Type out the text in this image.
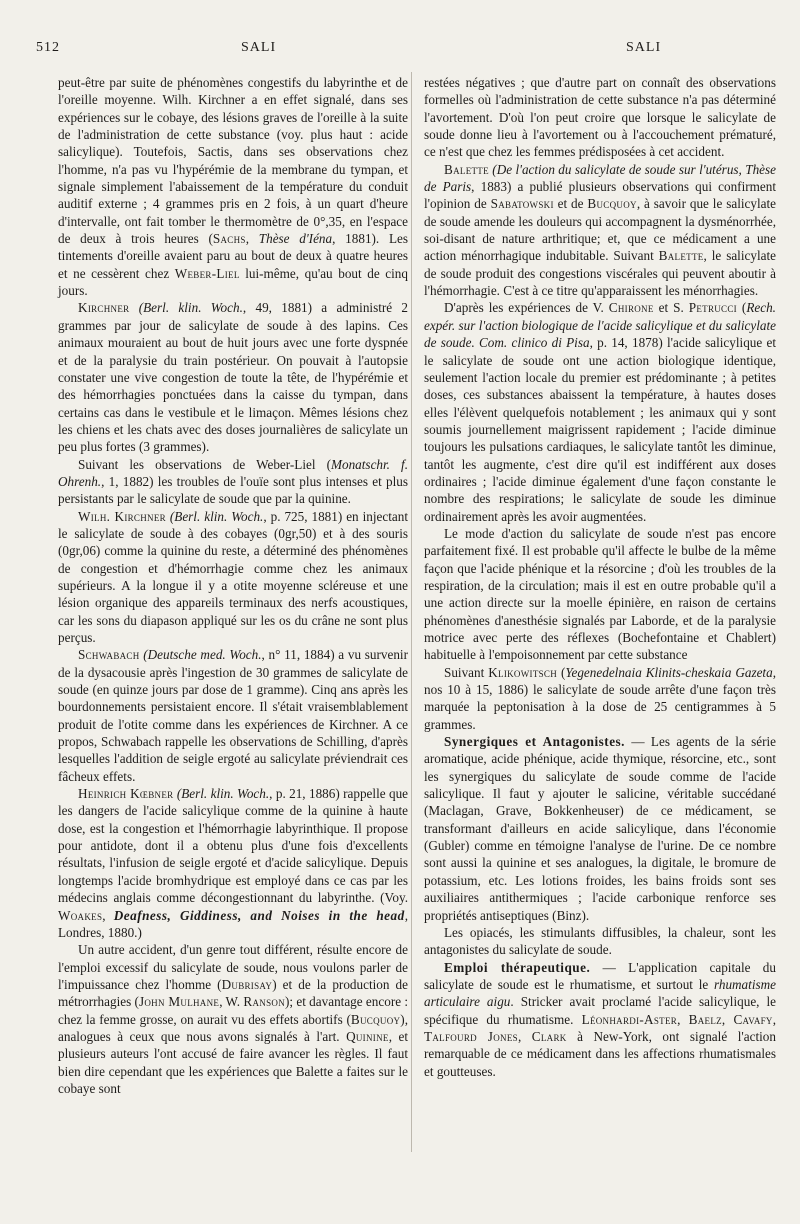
512	SALI	SALI

peut-être par suite de phénomènes congestifs du labyrinthe et de l'oreille moyenne. Wilh. Kirchner a en effet signalé, dans ses expériences sur le cobaye, des lésions graves de l'oreille à la suite de l'administration de cette substance (voy. plus haut : acide salicylique). Toutefois, Sactis, dans ses observations chez l'homme, n'a pas vu l'hypérémie de la membrane du tympan, et signale simplement l'abaissement de la température du conduit auditif externe ; 4 grammes pris en 2 fois, à un quart d'heure d'intervalle, ont fait tomber le thermomètre de 0°,35, en l'espace de deux à trois heures (Sachs, Thèse d'Iéna, 1881). Les tintements d'oreille avaient paru au bout de deux à quatre heures et ne cessèrent chez Weber-Liel lui-même, qu'au bout de cinq jours.

Kirchner (Berl. klin. Woch., 49, 1881) a administré 2 grammes par jour de salicylate de soude à des lapins. Ces animaux mouraient au bout de huit jours avec une forte dyspnée et de la paralysie du train postérieur. On pouvait à l'autopsie constater une vive congestion de toute la tête, de l'hypérémie et des hémorrhagies ponctuées dans la caisse du tympan, dans certains cas dans le vestibule et le limaçon. Mêmes lésions chez les chiens et les chats avec des doses journalières de salicylate un peu plus fortes (3 grammes).

Suivant les observations de Weber-Liel (Monatschr. f. Ohrenh., 1, 1882) les troubles de l'ouïe sont plus intenses et plus persistants par le salicylate de soude que par la quinine.

Wilh. Kirchner (Berl. klin. Woch., p. 725, 1881) en injectant le salicylate de soude à des cobayes (0gr,50) et à des souris (0gr,06) comme la quinine du reste, a déterminé des phénomènes de congestion et d'hémorrhagie comme chez les animaux supérieurs. A la longue il y a otite moyenne scléreuse et une lésion organique des appareils terminaux des nerfs acoustiques, car les sons du diapason appliqué sur les os du crâne ne sont plus perçus.

Schwabach (Deutsche med. Woch., n° 11, 1884) a vu survenir de la dysacousie après l'ingestion de 30 grammes de salicylate de soude (en quinze jours par dose de 1 gramme). Cinq ans après les bourdonnements persistaient encore. Il s'était vraisemblablement produit de l'otite comme dans les expériences de Kirchner. A ce propos, Schwabach rappelle les observations de Schilling, d'après lesquelles l'addition de seigle ergoté au salicylate préviendrait ces fâcheux effets.

Heinrich Kœbner (Berl. klin. Woch., p. 21, 1886) rappelle que les dangers de l'acide salicylique comme de la quinine à haute dose, est la congestion et l'hémorrhagie labyrinthique. Il propose pour antidote, dont il a obtenu plus d'une fois d'excellents résultats, l'infusion de seigle ergoté et d'acide salicylique. Depuis longtemps l'acide bromhydrique est employé dans ce cas par les médecins anglais comme décongestionnant du labyrinthe. (Voy. Woakes, Deafness, Giddiness, and Noises in the head, Londres, 1880.)

Un autre accident, d'un genre tout différent, résulte encore de l'emploi excessif du salicylate de soude, nous voulons parler de l'impuissance chez l'homme (Dubrisay) et de la production de métrorrhagies (John Mulhane, W. Ranson); et davantage encore : chez la femme grosse, on aurait vu des effets abortifs (Bucquoy), analogues à ceux que nous avons signalés à l'art. Quinine, et plusieurs auteurs l'ont accusé de faire avancer les règles. Il faut bien dire cependant que les expériences que Balette a faites sur le cobaye sont

restées négatives ; que d'autre part on connaît des observations formelles où l'administration de cette substance n'a pas déterminé l'avortement. D'où l'on peut croire que lorsque le salicylate de soude donne lieu à l'avortement ou à l'accouchement prématuré, ce n'est que chez les femmes prédisposées à cet accident.

Balette (De l'action du salicylate de soude sur l'utérus, Thèse de Paris, 1883) a publié plusieurs observations qui confirment l'opinion de Sabatowski et de Bucquoy, à savoir que le salicylate de soude amende les douleurs qui accompagnent la dysménorrhée, soi-disant de nature arthritique; et, que ce médicament a une action ménorrhagique indubitable. Suivant Balette, le salicylate de soude produit des congestions viscérales qui peuvent aboutir à l'hémorrhagie. C'est à ce titre qu'apparaissent les ménorrhagies.

D'après les expériences de V. Chirone et S. Petrucci (Rech. expér. sur l'action biologique de l'acide salicylique et du salicylate de soude. Com. clinico di Pisa, p. 14, 1878) l'acide salicylique et le salicylate de soude ont une action biologique identique, seulement l'action locale du premier est prédominante ; à petites doses, ces substances abaissent la température, à hautes doses elles l'élèvent quelquefois notablement ; les animaux qui y sont soumis journellement maigrissent rapidement ; l'acide diminue toujours les pulsations cardiaques, le salicylate tantôt les diminue, tantôt les augmente, c'est dire qu'il est indifférent aux doses ordinaires ; l'acide diminue également d'une façon constante le nombre des respirations; le salicylate de soude les diminue ordinairement après les avoir augmentées.

Le mode d'action du salicylate de soude n'est pas encore parfaitement fixé. Il est probable qu'il affecte le bulbe de la même façon que l'acide phénique et la résorcine ; d'où les troubles de la respiration, de la circulation; mais il est en outre probable qu'il a une action directe sur la moelle épinière, en raison de certains phénomènes d'anesthésie signalés par Laborde, et de la paralysie motrice avec perte des réflexes (Bochefontaine et Chablert) habituelle à l'empoisonnement par cette substance

Suivant Klikowitsch (Yegenedelnaia Klinits-cheskaia Gazeta, nos 10 à 15, 1886) le salicylate de soude arrête d'une façon très marquée la peptonisation à la dose de 25 centigrammes à 5 grammes.

Synergiques et Antagonistes. — Les agents de la série aromatique, acide phénique, acide thymique, résorcine, etc., sont les synergiques du salicylate de soude comme de l'acide salicylique. Il faut y ajouter le salicine, véritable succédané (Maclagan, Grave, Bokkenheuser) de ce médicament, se transformant d'ailleurs en acide salicylique, dans l'économie (Gubler) comme en témoigne l'analyse de l'urine. De ce nombre sont aussi la quinine et ses analogues, la digitale, le bromure de potassium, etc. Les lotions froides, les bains froids sont ses auxiliaires antithermiques ; l'acide carbonique renforce ses propriétés antiseptiques (Binz).

Les opiacés, les stimulants diffusibles, la chaleur, sont les antagonistes du salicylate de soude.

Emploi thérapeutique. — L'application capitale du salicylate de soude est le rhumatisme, et surtout le rhumatisme articulaire aigu. Stricker avait proclamé l'acide salicylique, le spécifique du rhumatisme. Léonhardi-Aster, Baelz, Cavafy, Talfourd Jones, Clark à New-York, ont signalé l'action remarquable de ce médicament dans les affections rhumatismales et goutteuses.
